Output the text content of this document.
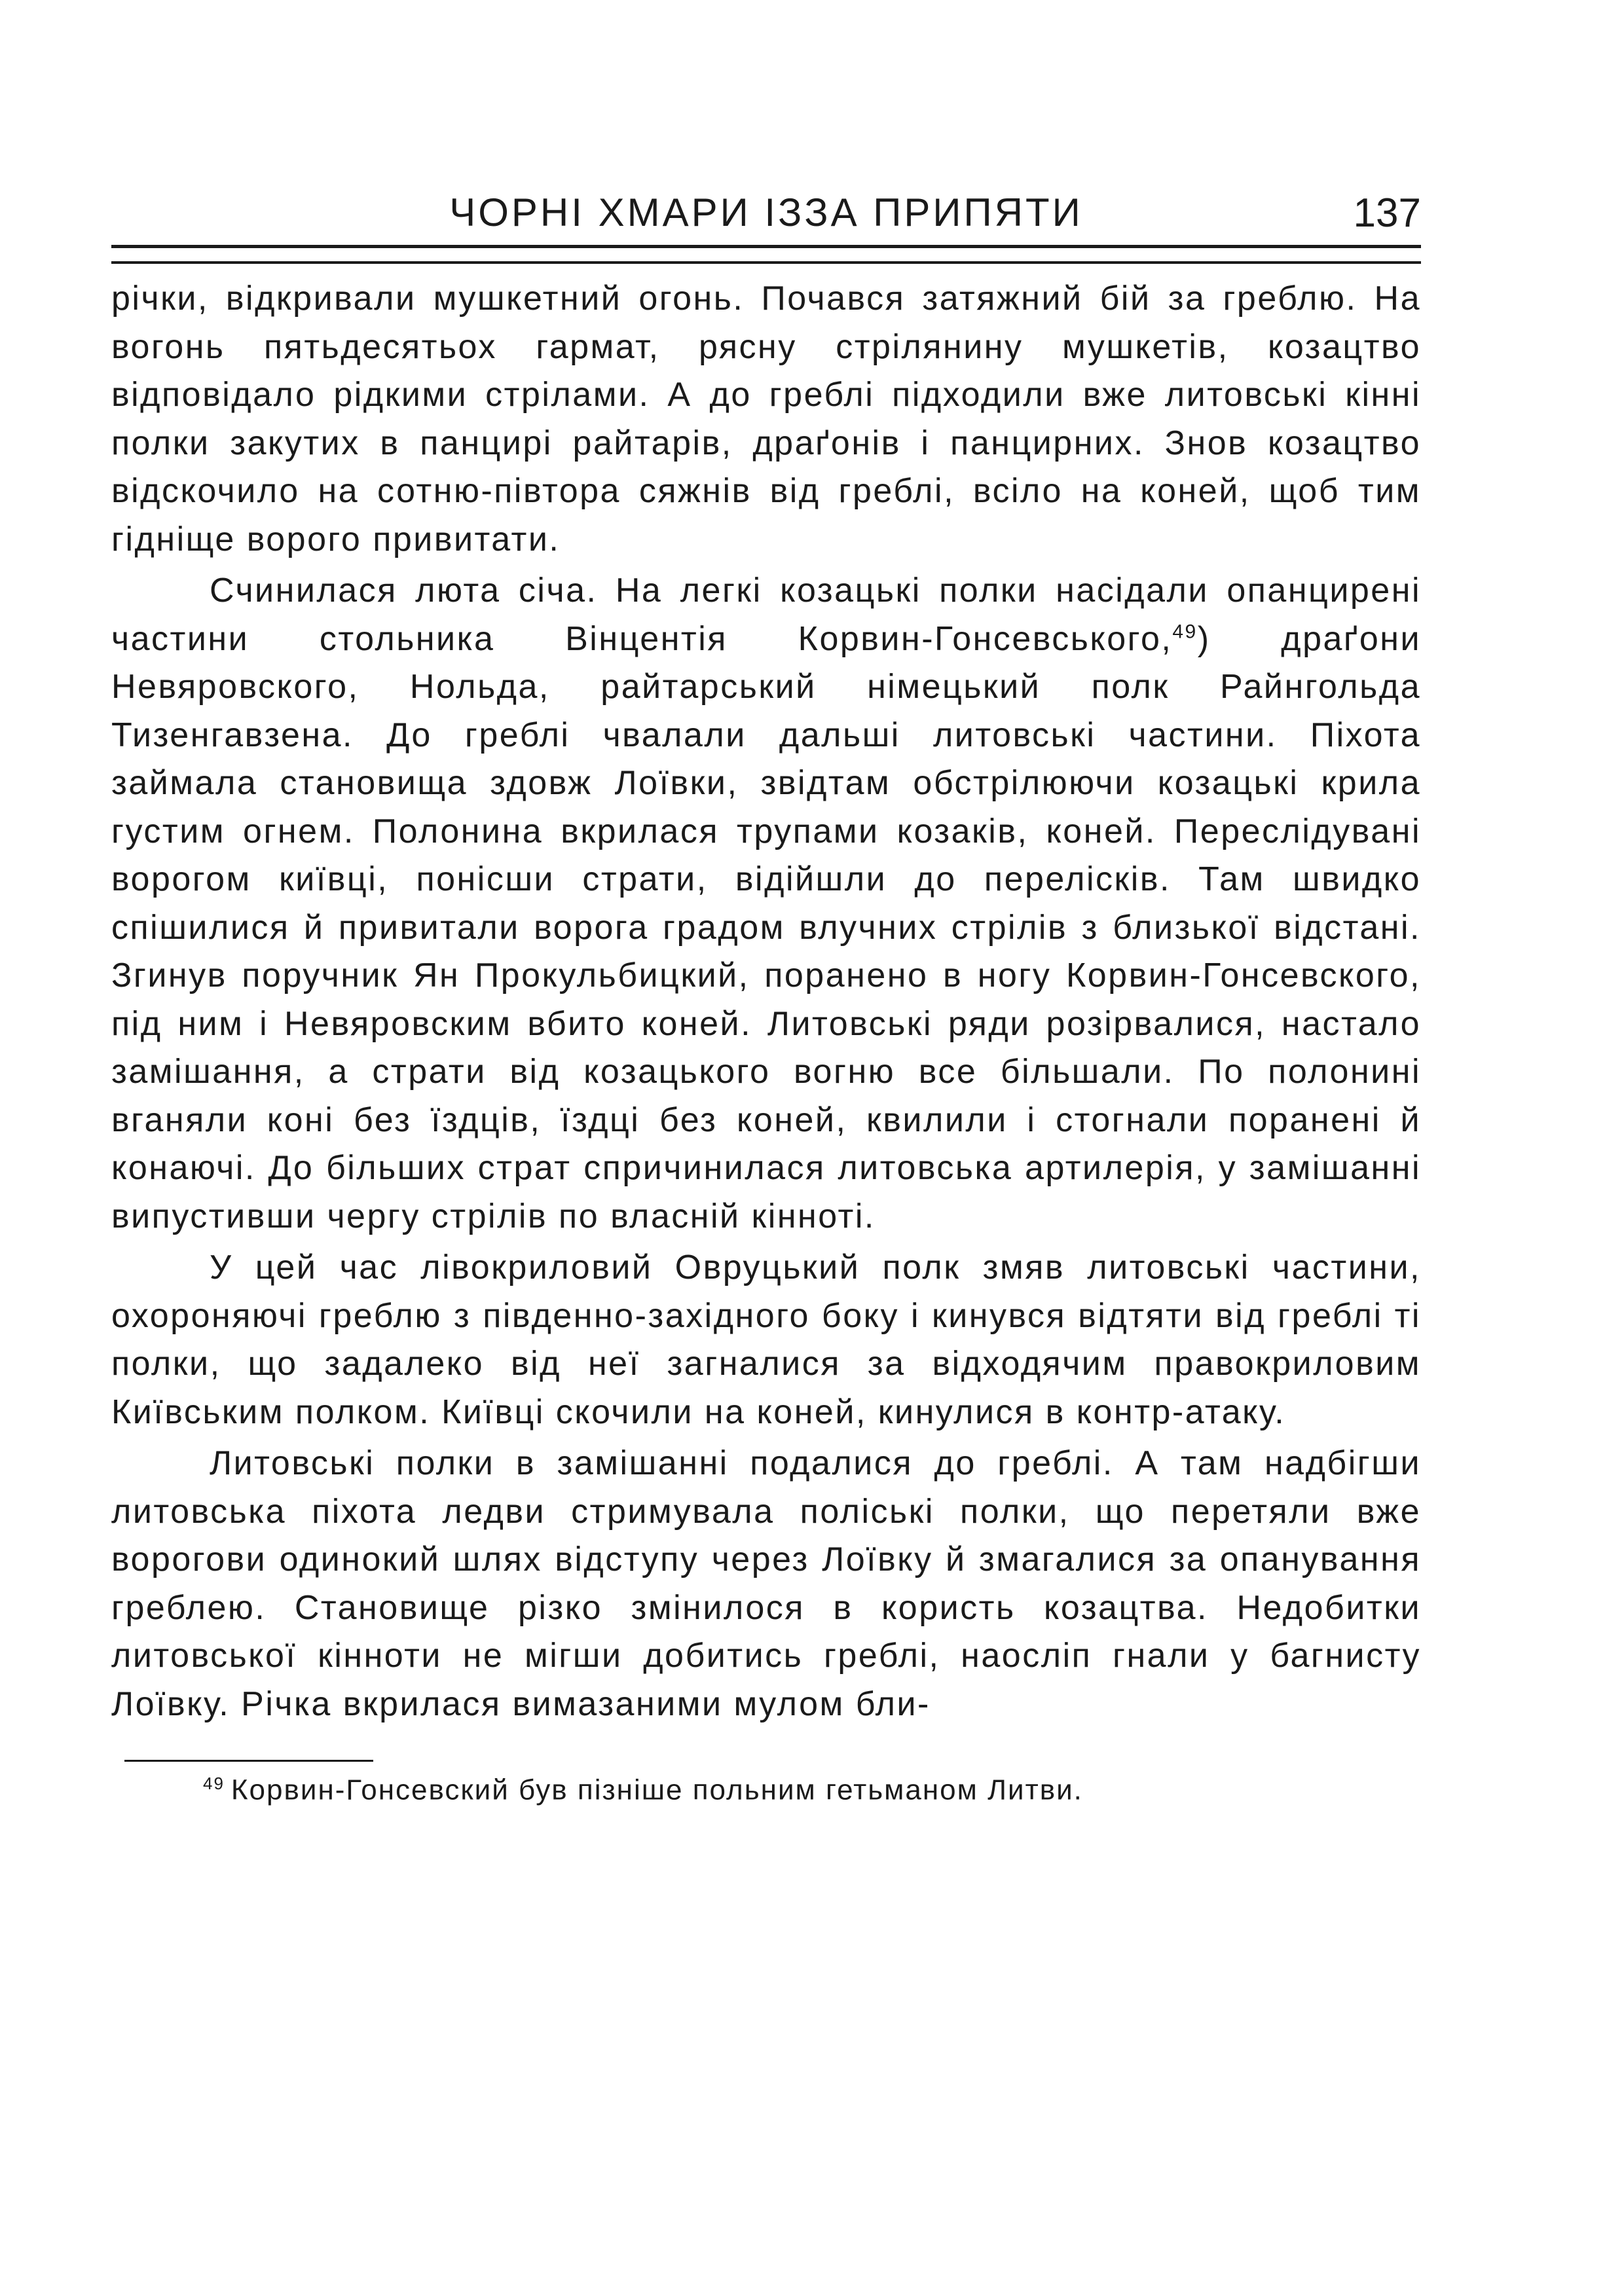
ЧОРНІ ХМАРИ ІЗЗА ПРИПЯТИ	137

річки, відкривали мушкетний огонь. Почався затяжний бій за греблю. На вогонь пятьдесятьох гармат, рясну стрілянину мушкетів, козацтво відповідало рідкими стрілами. А до греблі підходили вже литовські кінні полки закутих в панцирі райтарів, драґонів і панцирних. Знов козацтво відскочило на сотню-півтора сяжнів від греблі, всіло на коней, щоб тим гідніще ворого привитати.

Счинилася люта січа. На легкі козацькі полки насідали опанцирені частини стольника Вінцентія Корвин-Гонсевського,$^{49}$) драґони Невяровского, Нольда, райтарський німецький полк Райнгольда Тизенгавзена. До греблі чвалали дальші литовські частини. Піхота займала становища здовж Лоївки, звідтам обстрілюючи козацькі крила густим огнем. Полонина вкрилася трупами козаків, коней. Переслідувані ворогом київці, понісши страти, відійшли до перелісків. Там швидко спішилися й привитали ворога градом влучних стрілів з близької відстані. Згинув поручник Ян Прокульбицкий, поранено в ногу Корвин-Гонсевского, під ним і Невяровским вбито коней. Литовські ряди розірвалися, настало замішання, а страти від козацького вогню все більшали. По полонині вганяли коні без їздців, їздці без коней, квилили і стогнали поранені й конаючі. До більших страт спричинилася литовська артилерія, у замішанні випустивши чергу стрілів по власній кінноті.

У цей час лівокриловий Овруцький полк змяв литовські частини, охороняючі греблю з південно-західного боку і кинувся відтяти від греблі ті полки, що задалеко від неї загналися за відходячим правокриловим Київським полком. Київці скочили на коней, кинулися в контр-атаку.

Литовські полки в замішанні подалися до греблі. А там надбігши литовська піхота ледви стримувала поліські полки, що перетяли вже ворогови одинокий шлях відступу через Лоївку й змагалися за опанування греблею. Становище різко змінилося в користь козацтва. Недобитки литовської кінноти не мігши добитись греблі, наосліп гнали у багнисту Лоївку. Річка вкрилася вимазаними мулом бли-

$^{49}$ Корвин-Гонсевский був пізніше польним гетьманом Литви.
